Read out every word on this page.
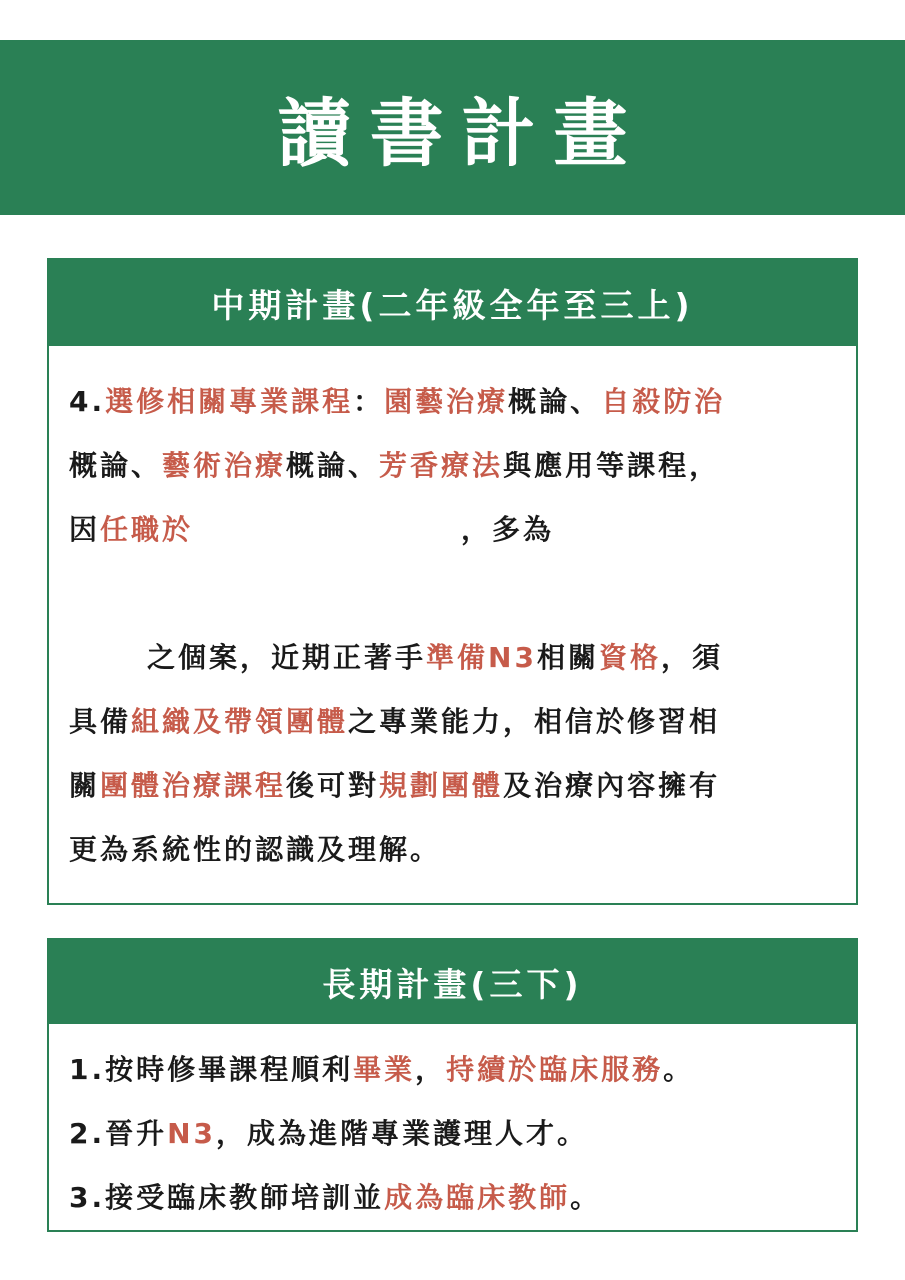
讀書計畫
中期計畫(二年級全年至三上)
4.選修相關專業課程：園藝治療概論、自殺防治
概論、藝術治療概論、芳香療法與應用等課程，
因任職於	，多為
之個案，近期正著手準備N3相關資格，須
具備組織及帶領團體之專業能力，相信於修習相
關團體治療課程後可對規劃團體及治療內容擁有
更為系統性的認識及理解。
長期計畫(三下)
1.按時修畢課程順利畢業，持續於臨床服務。
2.晉升N3，成為進階專業護理人才。
3.接受臨床教師培訓並成為臨床教師。
